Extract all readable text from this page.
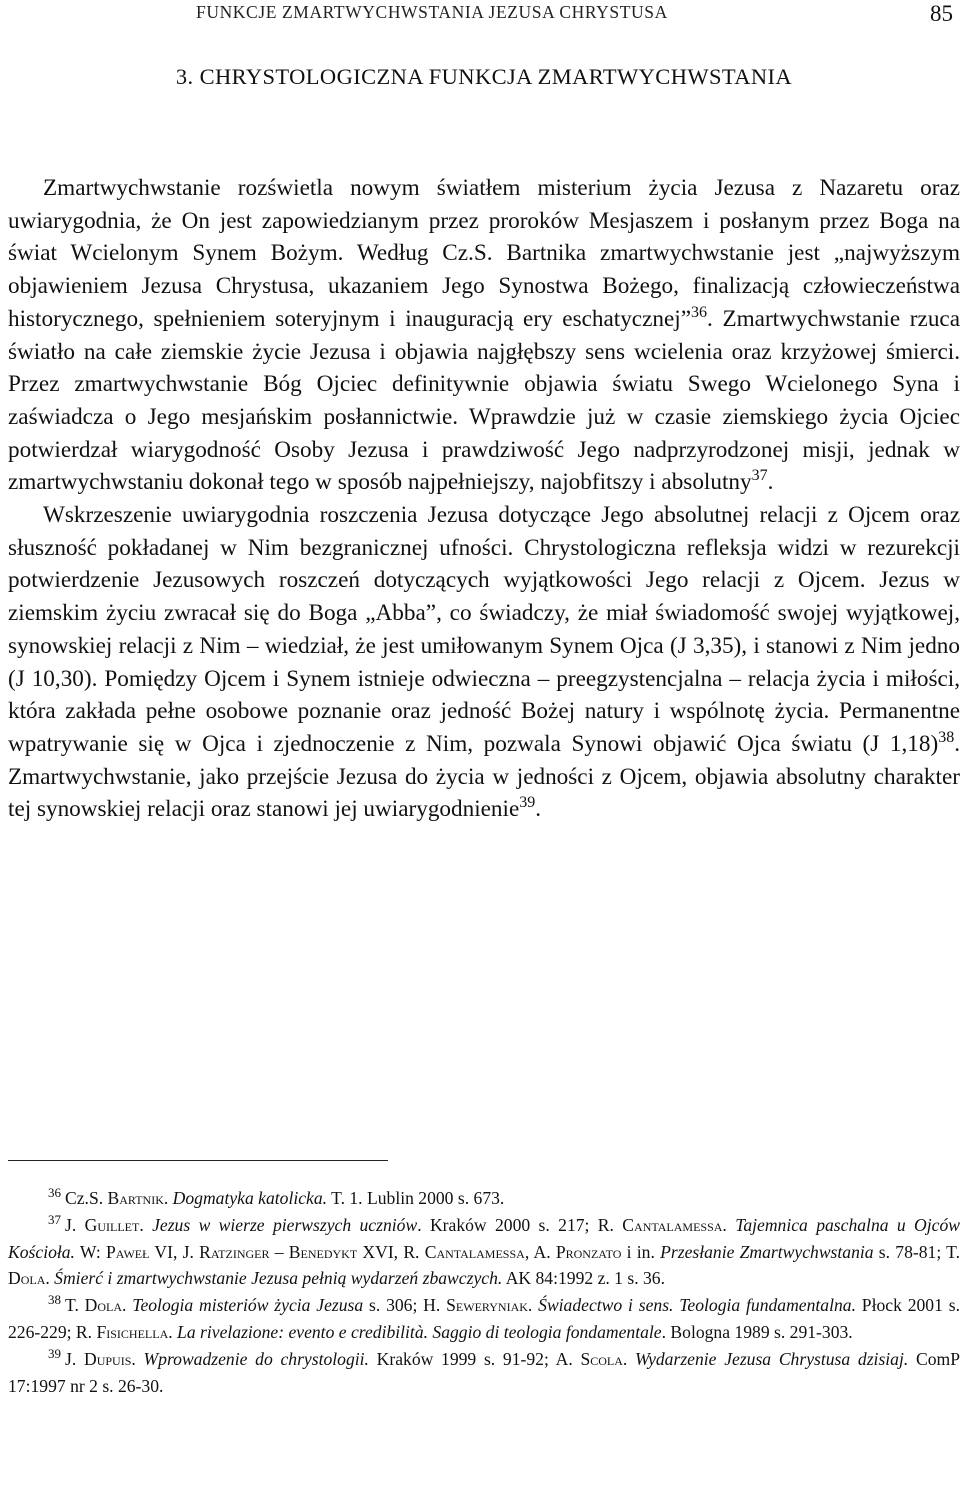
FUNKCJE ZMARTWYCHWSTANIA JEZUSA CHRYSTUSA	85
3. CHRYSTOLOGICZNA FUNKCJA ZMARTWYCHWSTANIA

Zmartwychwstanie rozświetla nowym światłem misterium życia Jezusa z Nazaretu oraz uwiarygodnia, że On jest zapowiedzianym przez proroków Mesjaszem i posłanym przez Boga na świat Wcielonym Synem Bożym. Według Cz.S. Bartnika zmartwychwstanie jest „najwyższym objawieniem Jezusa Chrystusa, ukazaniem Jego Synostwa Bożego, finalizacją człowieczeństwa historycznego, spełnieniem soteryjnym i inauguracją ery eschatycznej”$^{36}$. Zmartwychwstanie rzuca światło na całe ziemskie życie Jezusa i objawia najgłębszy sens wcielenia oraz krzyżowej śmierci. Przez zmartwychwstanie Bóg Ojciec definitywnie objawia światu Swego Wcielonego Syna i zaświadcza o Jego mesjańskim posłannictwie. Wprawdzie już w czasie ziemskiego życia Ojciec potwierdzał wiarygodność Osoby Jezusa i prawdziwość Jego nadprzyrodzonej misji, jednak w zmartwychwstaniu dokonał tego w sposób najpełniejszy, najobfitszy i absolutny$^{37}$.

Wskrzeszenie uwiarygodnia roszczenia Jezusa dotyczące Jego absolutnej relacji z Ojcem oraz słuszność pokładanej w Nim bezgranicznej ufności. Chrystologiczna refleksja widzi w rezurekcji potwierdzenie Jezusowych roszczeń dotyczących wyjątkowości Jego relacji z Ojcem. Jezus w ziemskim życiu zwracał się do Boga „Abba”, co świadczy, że miał świadomość swojej wyjątkowej, synowskiej relacji z Nim – wiedział, że jest umiłowanym Synem Ojca (J 3,35), i stanowi z Nim jedno (J 10,30). Pomiędzy Ojcem i Synem istnieje odwieczna – preegzystencjalna – relacja życia i miłości, która zakłada pełne osobowe poznanie oraz jedność Bożej natury i wspólnotę życia. Permanentne wpatrywanie się w Ojca i zjednoczenie z Nim, pozwala Synowi objawić Ojca światu (J 1,18)$^{38}$. Zmartwychwstanie, jako przejście Jezusa do życia w jedności z Ojcem, objawia absolutny charakter tej synowskiej relacji oraz stanowi jej uwiarygodnienie$^{39}$.

$^{36}$ Cz.S. Bartnik. Dogmatyka katolicka. T. 1. Lublin 2000 s. 673.

$^{37}$ J. Guillet. Jezus w wierze pierwszych uczniów. Kraków 2000 s. 217; R. Cantalamessa. Tajemnica paschalna u Ojców Kościoła. W: Paweł VI, J. Ratzinger – Benedykt XVI, R. Cantalamessa, A. Pronzato i in. Przesłanie Zmartwychwstania s. 78-81; T. Dola. Śmierć i zmartwychwstanie Jezusa pełnią wydarzeń zbawczych. AK 84:1992 z. 1 s. 36.

$^{38}$ T. Dola. Teologia misteriów życia Jezusa s. 306; H. Seweryniak. Świadectwo i sens. Teologia fundamentalna. Płock 2001 s. 226-229; R. Fisichella. La rivelazione: evento e credibilità. Saggio di teologia fondamentale. Bologna 1989 s. 291-303.

$^{39}$ J. Dupuis. Wprowadzenie do chrystologii. Kraków 1999 s. 91-92; A. Scola. Wydarzenie Jezusa Chrystusa dzisiaj. ComP 17:1997 nr 2 s. 26-30.
